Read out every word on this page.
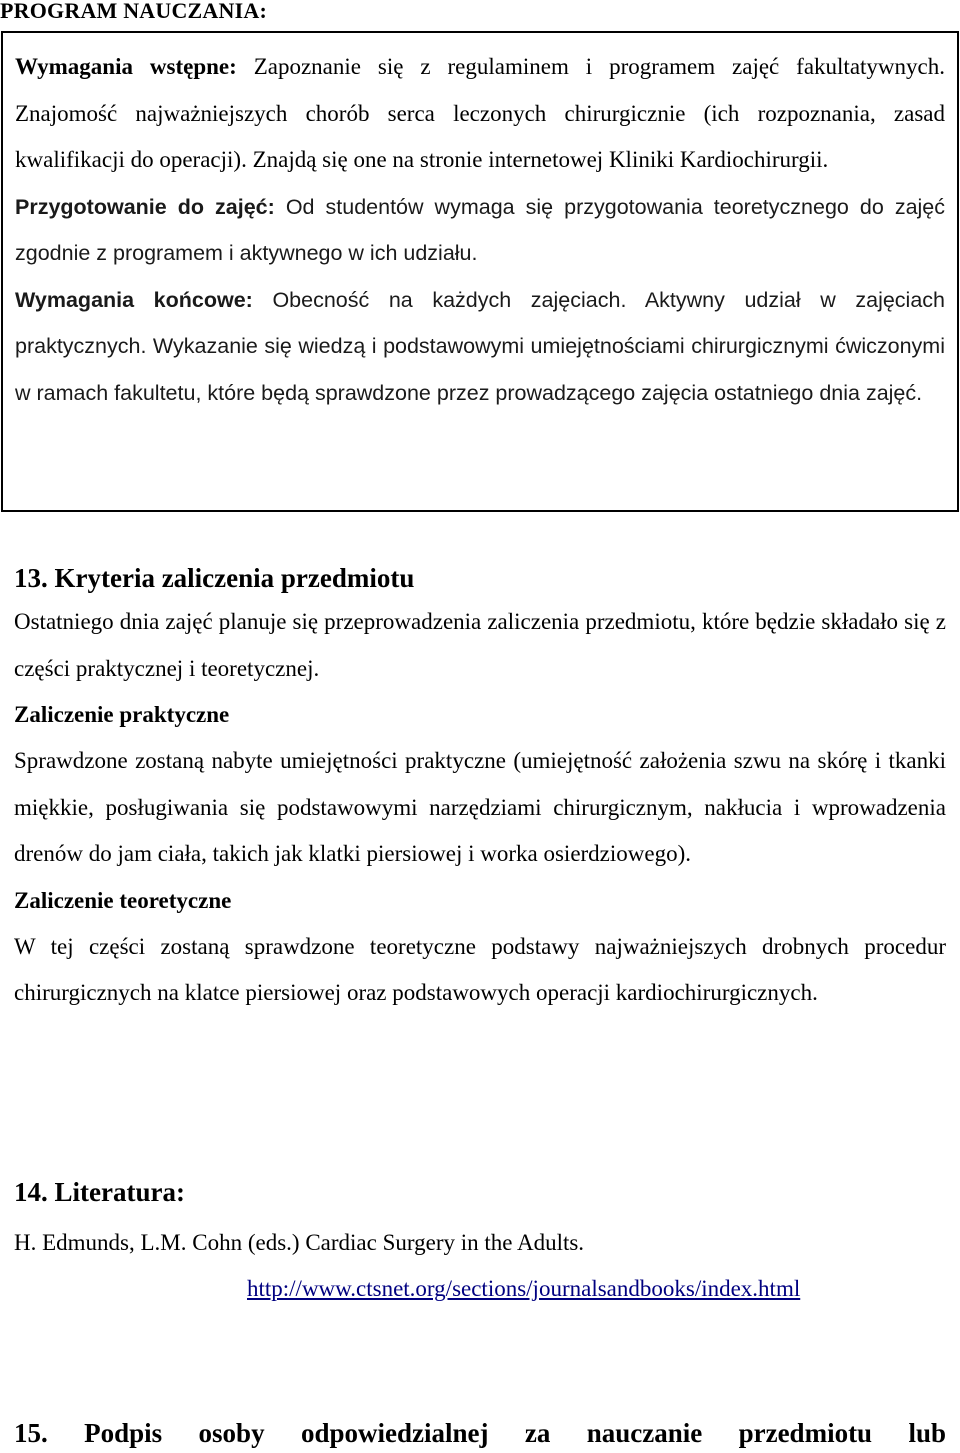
PROGRAM NAUCZANIA:

Wymagania wstępne: Zapoznanie się z regulaminem i programem zajęć fakultatywnych. Znajomość najważniejszych chorób serca leczonych chirurgicznie (ich rozpoznania, zasad kwalifikacji do operacji). Znajdą się one na stronie internetowej Kliniki Kardiochirurgii.

Przygotowanie do zajęć: Od studentów wymaga się przygotowania teoretycznego do zajęć zgodnie z programem i aktywnego w ich udziału.

Wymagania końcowe: Obecność na każdych zajęciach. Aktywny udział w zajęciach praktycznych. Wykazanie się wiedzą i podstawowymi umiejętnościami chirurgicznymi ćwiczonymi w ramach fakultetu, które będą sprawdzone przez prowadzącego zajęcia ostatniego dnia zajęć.

13. Kryteria zaliczenia przedmiotu

Ostatniego dnia zajęć planuje się przeprowadzenia zaliczenia przedmiotu, które będzie składało się z części praktycznej i teoretycznej.

Zaliczenie praktyczne

Sprawdzone zostaną nabyte umiejętności praktyczne (umiejętność założenia szwu na skórę i tkanki miękkie, posługiwania się podstawowymi narzędziami chirurgicznym, nakłucia i wprowadzenia drenów do jam ciała, takich jak klatki piersiowej i worka osierdziowego).

Zaliczenie teoretyczne

W tej części zostaną sprawdzone teoretyczne podstawy najważniejszych drobnych procedur chirurgicznych na klatce piersiowej oraz podstawowych operacji kardiochirurgicznych.

14. Literatura:

H. Edmunds, L.M. Cohn (eds.) Cardiac Surgery in the Adults.

http://www.ctsnet.org/sections/journalsandbooks/index.html
15. Podpis osoby odpowiedzialnej za nauczanie przedmiotu lub
